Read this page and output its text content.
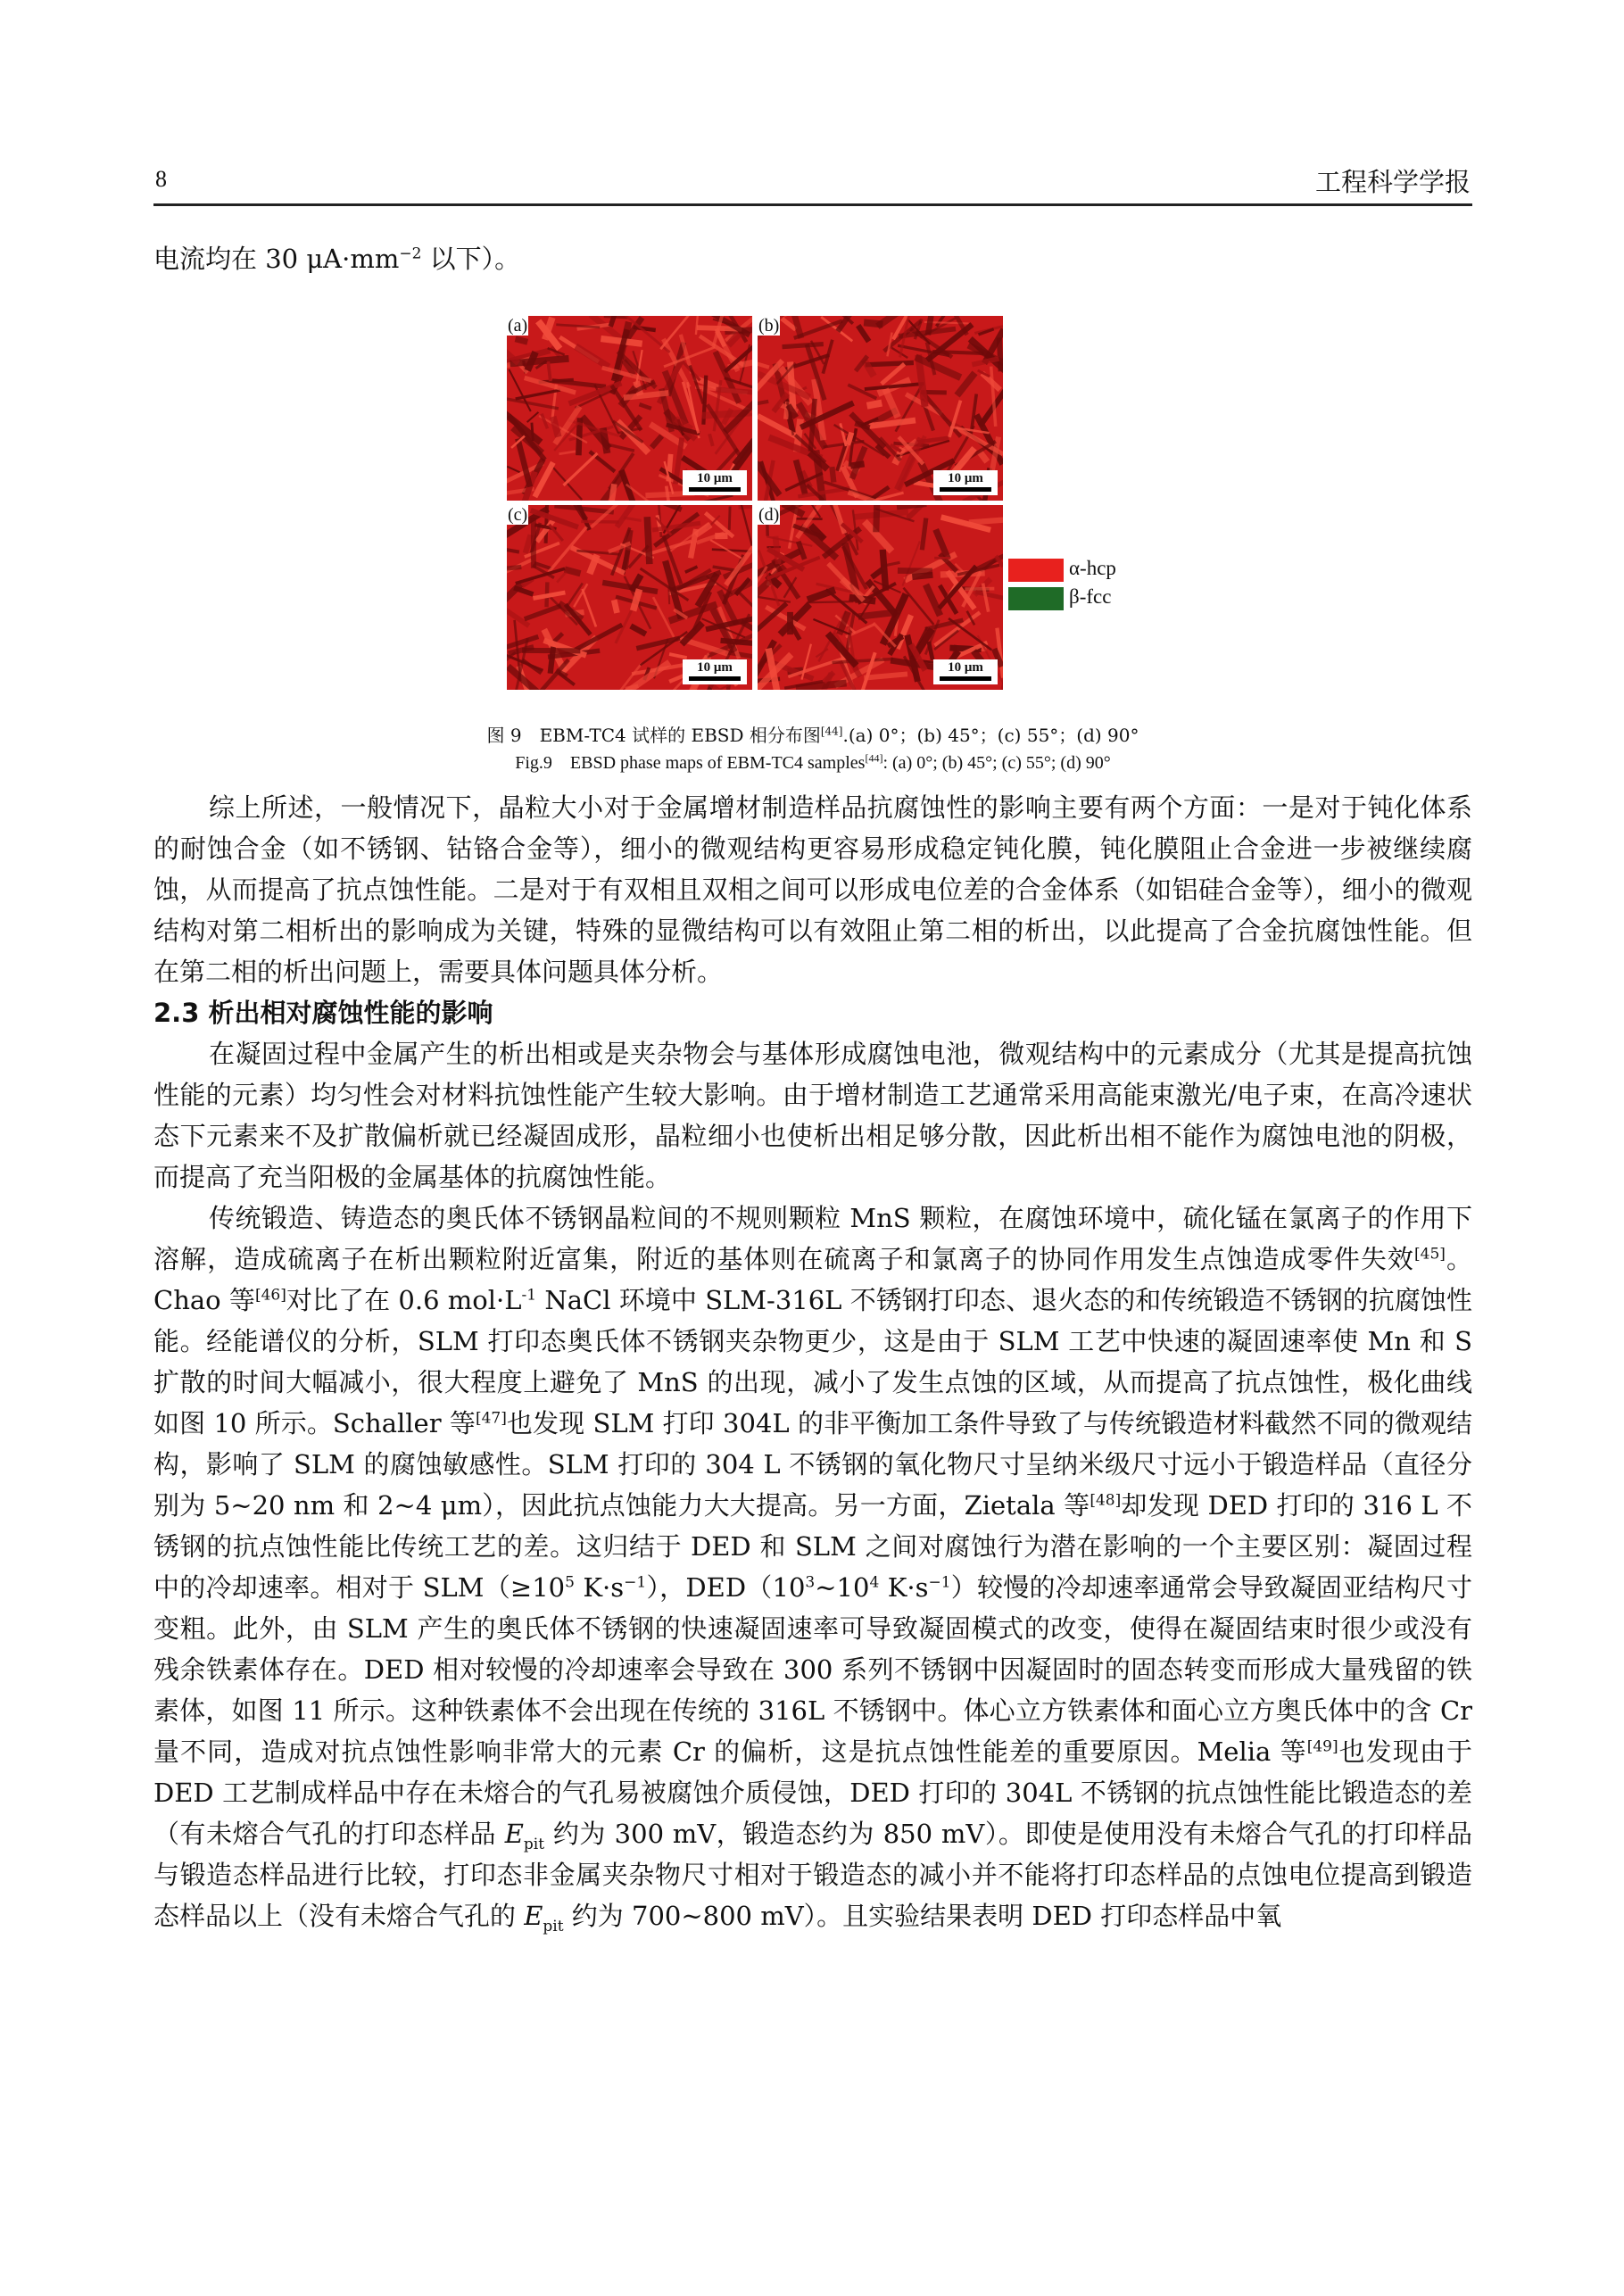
8	工程科学学报
电流均在 30 $\mu A\cdot mm^{-2}$ 以下）。
(a)
10 μm
(b)
10 μm
(c)
10 μm
(d)
10 μm
α-hcp
β-fcc
图 9　EBM-TC4 试样的 EBSD 相分布图[44].(a) 0°；(b) 45°；(c) 55°；(d) 90°
Fig.9　EBSD phase maps of EBM-TC4 samples[44]: (a) 0°; (b) 45°; (c) 55°; (d) 90°

综上所述，一般情况下，晶粒大小对于金属增材制造样品抗腐蚀性的影响主要有两个方面：一是对于钝化体系的耐蚀合金（如不锈钢、钴铬合金等），细小的微观结构更容易形成稳定钝化膜，钝化膜阻止合金进一步被继续腐蚀，从而提高了抗点蚀性能。二是对于有双相且双相之间可以形成电位差的合金体系（如铝硅合金等），细小的微观结构对第二相析出的影响成为关键，特殊的显微结构可以有效阻止第二相的析出，以此提高了合金抗腐蚀性能。但在第二相的析出问题上，需要具体问题具体分析。

2.3 析出相对腐蚀性能的影响

在凝固过程中金属产生的析出相或是夹杂物会与基体形成腐蚀电池，微观结构中的元素成分（尤其是提高抗蚀性能的元素）均匀性会对材料抗蚀性能产生较大影响。由于增材制造工艺通常采用高能束激光/电子束，在高冷速状态下元素来不及扩散偏析就已经凝固成形，晶粒细小也使析出相足够分散，因此析出相不能作为腐蚀电池的阴极，而提高了充当阳极的金属基体的抗腐蚀性能。

传统锻造、铸造态的奥氏体不锈钢晶粒间的不规则颗粒 MnS 颗粒，在腐蚀环境中，硫化锰在氯离子的作用下溶解，造成硫离子在析出颗粒附近富集，附近的基体则在硫离子和氯离子的协同作用发生点蚀造成零件失效[45]。Chao 等[46]对比了在 0.6 $mol\cdot L^{-1}$ NaCl 环境中 SLM-316L 不锈钢打印态、退火态的和传统锻造不锈钢的抗腐蚀性能。经能谱仪的分析，SLM 打印态奥氏体不锈钢夹杂物更少，这是由于 SLM 工艺中快速的凝固速率使 Mn 和 S 扩散的时间大幅减小，很大程度上避免了 MnS 的出现，减小了发生点蚀的区域，从而提高了抗点蚀性，极化曲线如图 10 所示。Schaller 等[47]也发现 SLM 打印 304L 的非平衡加工条件导致了与传统锻造材料截然不同的微观结构，影响了 SLM 的腐蚀敏感性。SLM 打印的 304 L 不锈钢的氧化物尺寸呈纳米级尺寸远小于锻造样品（直径分别为 5~20 nm 和 2~4 μm），因此抗点蚀能力大大提高。另一方面，Zietala 等[48]却发现 DED 打印的 316 L 不锈钢的抗点蚀性能比传统工艺的差。这归结于 DED 和 SLM 之间对腐蚀行为潜在影响的一个主要区别：凝固过程中的冷却速率。相对于 $SLM(\ge 10^5$ $K\cdot s^{-1}$），$DED(10^3\sim 10^4$ $K\cdot s^{-1}$）较慢的冷却速率通常会导致凝固亚结构尺寸变粗。此外，由 SLM 产生的奥氏体不锈钢的快速凝固速率可导致凝固模式的改变，使得在凝固结束时很少或没有残余铁素体存在。DED 相对较慢的冷却速率会导致在 300 系列不锈钢中因凝固时的固态转变而形成大量残留的铁素体，如图 11 所示。这种铁素体不会出现在传统的 316L 不锈钢中。体心立方铁素体和面心立方奥氏体中的含 Cr 量不同，造成对抗点蚀性影响非常大的元素 Cr 的偏析，这是抗点蚀性能差的重要原因。Melia 等[49]也发现由于 DED 工艺制成样品中存在未熔合的气孔易被腐蚀介质侵蚀，DED 打印的 304L 不锈钢的抗点蚀性能比锻造态的差（有未熔合气孔的打印态样品 $E_{pit}$ 约为 300 mV，锻造态约为 850 mV）。即使是使用没有未熔合气孔的打印样品与锻造态样品进行比较，打印态非金属夹杂物尺寸相对于锻造态的减小并不能将打印态样品的点蚀电位提高到锻造态样品以上（没有未熔合气孔的 $E_{pit}$ 约为 700~800 mV）。且实验结果表明 DED 打印态样品中氧
